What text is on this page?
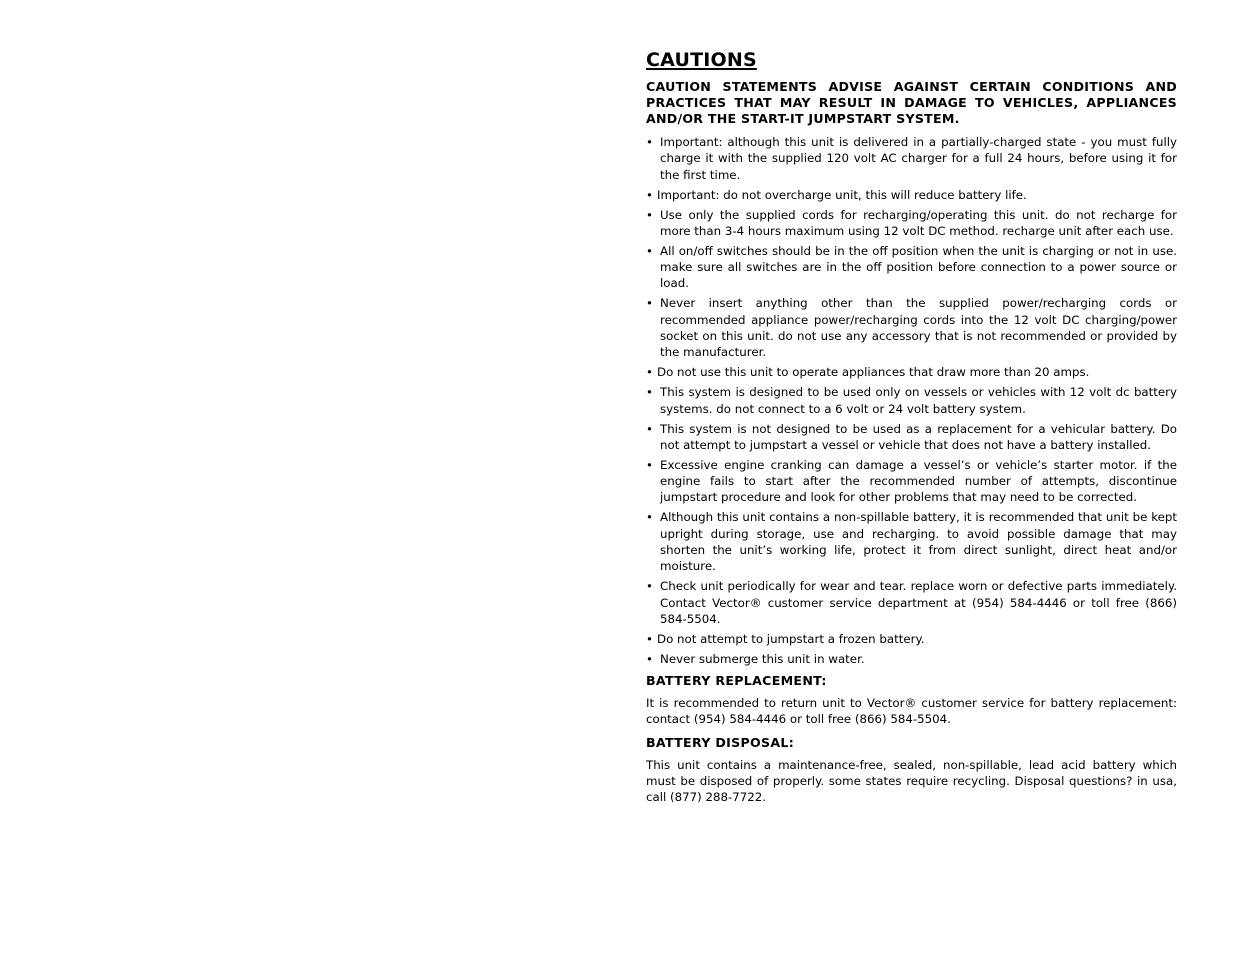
CAUTIONS
CAUTION STATEMENTS ADVISE AGAINST CERTAIN CONDITIONS AND PRACTICES THAT MAY RESULT IN DAMAGE TO VEHICLES, APPLIANCES AND/OR THE START-IT JUMPSTART SYSTEM.
• Important: although this unit is delivered in a partially-charged state - you must fully charge it with the supplied 120 volt AC charger for a full 24 hours, before using it for the first time.
• Important: do not overcharge unit, this will reduce battery life.
• Use only the supplied cords for recharging/operating this unit. do not recharge for more than 3-4 hours maximum using 12 volt DC method. recharge unit after each use.
• All on/off switches should be in the off position when the unit is charging or not in use. make sure all switches are in the off position before connection to a power source or load.
• Never insert anything other than the supplied power/recharging cords or recommended appliance power/recharging cords into the 12 volt DC charging/power socket on this unit. do not use any accessory that is not recommended or provided by the manufacturer.
• Do not use this unit to operate appliances that draw more than 20 amps.
• This system is designed to be used only on vessels or vehicles with 12 volt dc battery systems. do not connect to a 6 volt or 24 volt battery system.
• This system is not designed to be used as a replacement for a vehicular battery. Do not attempt to jumpstart a vessel or vehicle that does not have a battery installed.
• Excessive engine cranking can damage a vessel’s or vehicle’s starter motor. if the engine fails to start after the recommended number of attempts, discontinue jumpstart procedure and look for other problems that may need to be corrected.
• Although this unit contains a non-spillable battery, it is recommended that unit be kept upright during storage, use and recharging. to avoid possible damage that may shorten the unit’s working life, protect it from direct sunlight, direct heat and/or moisture.
• Check unit periodically for wear and tear. replace worn or defective parts immediately. Contact Vector® customer service department at (954) 584-4446 or toll free (866) 584-5504.
• Do not attempt to jumpstart a frozen battery.
• Never submerge this unit in water.
BATTERY REPLACEMENT:
It is recommended to return unit to Vector® customer service for battery replacement: contact (954) 584-4446 or toll free (866) 584-5504.
BATTERY DISPOSAL:
This unit contains a maintenance-free, sealed, non-spillable, lead acid battery which must be disposed of properly. some states require recycling. Disposal questions? in usa, call (877) 288-7722.
